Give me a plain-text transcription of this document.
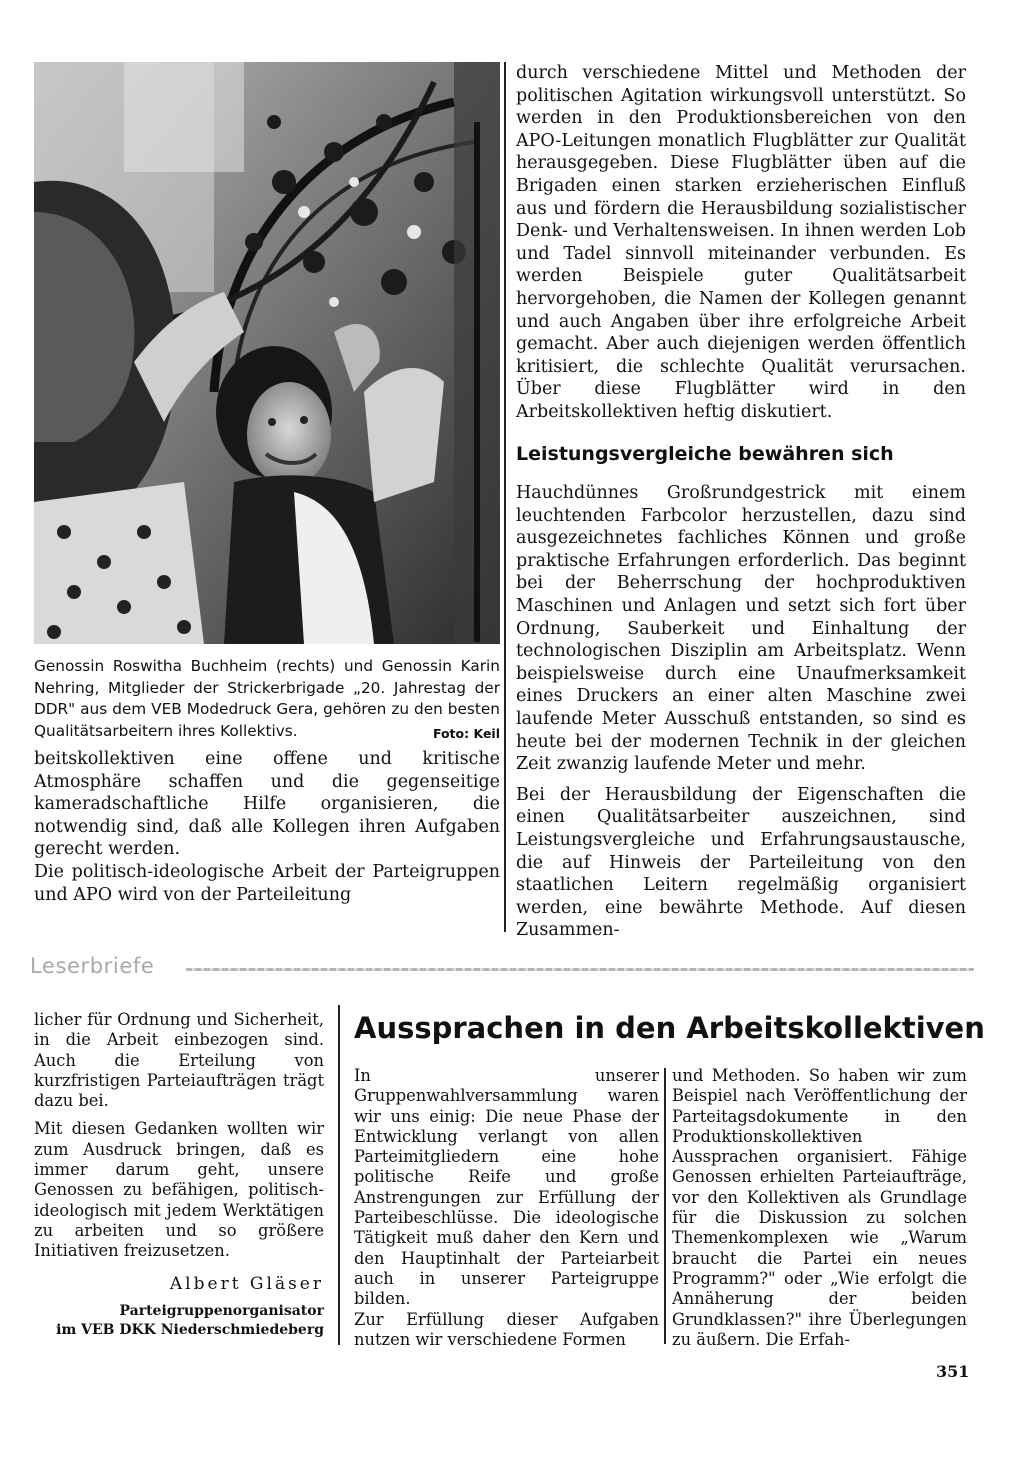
Genossin Roswitha Buchheim (rechts) und Genossin Karin Nehring, Mitglieder der Strickerbrigade „20. Jahrestag der DDR" aus dem VEB Modedruck Gera, gehören zu den besten Qualitätsarbeitern ihres Kollektivs.	Foto: Keil

beitskollektiven eine offene und kritische Atmosphäre schaffen und die gegenseitige kameradschaftliche Hilfe organisieren, die notwendig sind, daß alle Kollegen ihren Aufgaben gerecht werden.

Die politisch-ideologische Arbeit der Parteigruppen und APO wird von der Parteileitung

durch verschiedene Mittel und Methoden der politischen Agitation wirkungsvoll unterstützt. So werden in den Produktionsbereichen von den APO-Leitungen monatlich Flugblätter zur Qualität herausgegeben. Diese Flugblätter üben auf die Brigaden einen starken erzieherischen Einfluß aus und fördern die Herausbildung sozialistischer Denk- und Verhaltensweisen. In ihnen werden Lob und Tadel sinnvoll miteinander verbunden. Es werden Beispiele guter Qualitätsarbeit hervorgehoben, die Namen der Kollegen genannt und auch Angaben über ihre erfolgreiche Arbeit gemacht. Aber auch diejenigen werden öffentlich kritisiert, die schlechte Qualität verursachen. Über diese Flugblätter wird in den Arbeitskollektiven heftig diskutiert.

Leistungsvergleiche bewähren sich

Hauchdünnes Großrundgestrick mit einem leuchtenden Farbcolor herzustellen, dazu sind ausgezeichnetes fachliches Können und große praktische Erfahrungen erforderlich. Das beginnt bei der Beherrschung der hochproduktiven Maschinen und Anlagen und setzt sich fort über Ordnung, Sauberkeit und Einhaltung der technologischen Disziplin am Arbeitsplatz. Wenn beispielsweise durch eine Unaufmerksamkeit eines Druckers an einer alten Maschine zwei laufende Meter Ausschuß entstanden, so sind es heute bei der modernen Technik in der gleichen Zeit zwanzig laufende Meter und mehr.

Bei der Herausbildung der Eigenschaften die einen Qualitätsarbeiter auszeichnen, sind Leistungsvergleiche und Erfahrungsaustausche, die auf Hinweis der Parteileitung von den staatlichen Leitern regelmäßig organisiert werden, eine bewährte Methode. Auf diesen Zusammen-

Leserbriefe

licher für Ordnung und Sicherheit, in die Arbeit einbezogen sind. Auch die Erteilung von kurzfristigen Parteiaufträgen trägt dazu bei.

Mit diesen Gedanken wollten wir zum Ausdruck bringen, daß es immer darum geht, unsere Genossen zu befähigen, politisch-ideologisch mit jedem Werktätigen zu arbeiten und so größere Initiativen freizusetzen.

Albert Gläser
Parteigruppenorganisator
im VEB DKK Niederschmiedeberg
Aussprachen in den Arbeitskollektiven

In unserer Gruppenwahlversammlung waren wir uns einig: Die neue Phase der Entwicklung verlangt von allen Parteimitgliedern eine hohe politische Reife und große Anstrengungen zur Erfüllung der Parteibeschlüsse. Die ideologische Tätigkeit muß daher den Kern und den Hauptinhalt der Parteiarbeit auch in unserer Parteigruppe bilden.

Zur Erfüllung dieser Aufgaben nutzen wir verschiedene Formen

und Methoden. So haben wir zum Beispiel nach Veröffentlichung der Parteitagsdokumente in den Produktionskollektiven Aussprachen organisiert. Fähige Genossen erhielten Parteiaufträge, vor den Kollektiven als Grundlage für die Diskussion zu solchen Themenkomplexen wie „Warum braucht die Partei ein neues Programm?" oder „Wie erfolgt die Annäherung der beiden Grundklassen?" ihre Überlegungen zu äußern. Die Erfah-

351
